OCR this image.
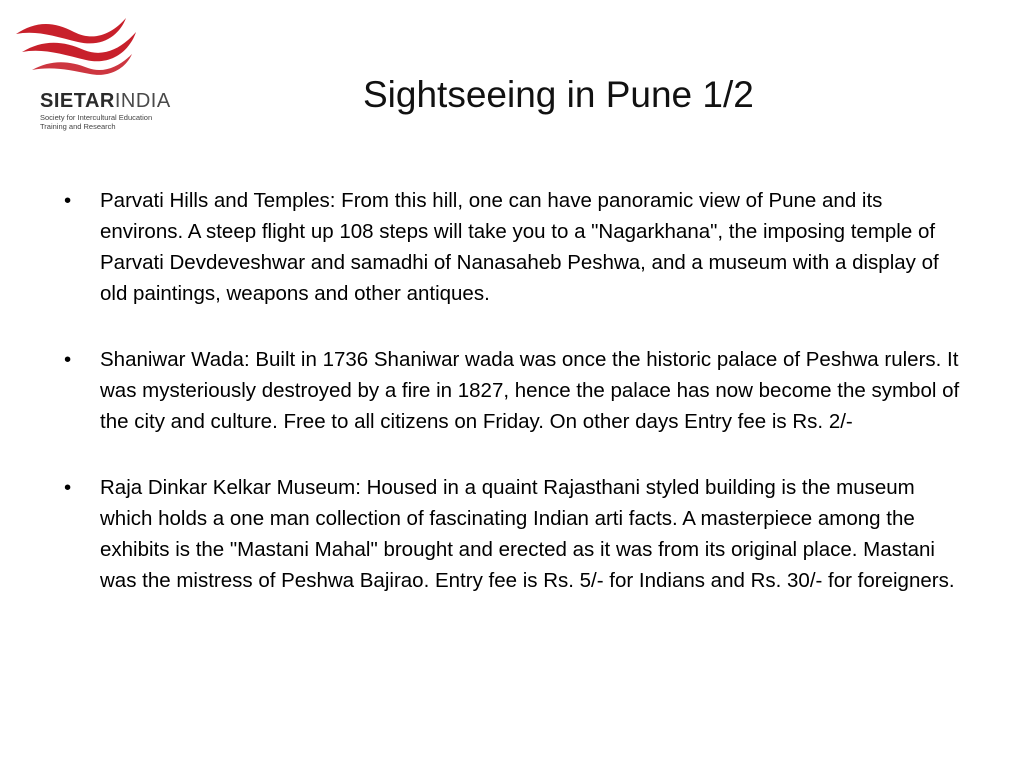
SIETARINDIA
Society for Intercultural Education
Training and Research
Sightseeing in Pune 1/2
• Parvati Hills and Temples: From this hill, one can have panoramic view of Pune and its environs. A steep flight up 108 steps will take you to a "Nagarkhana", the imposing temple of Parvati Devdeveshwar and samadhi of Nanasaheb Peshwa, and a museum with a display of old paintings, weapons and other antiques.
• Shaniwar Wada: Built in 1736 Shaniwar wada was once the historic palace of Peshwa rulers. It was mysteriously destroyed by a fire in 1827, hence the palace has now become the symbol of the city and culture. Free to all citizens on Friday. On other days Entry fee is Rs. 2/-
• Raja Dinkar Kelkar Museum: Housed in a quaint Rajasthani styled building is the museum which holds a one man collection of fascinating Indian arti facts. A masterpiece among the exhibits is the "Mastani Mahal" brought and erected as it was from its original place. Mastani was the mistress of Peshwa Bajirao. Entry fee is Rs. 5/- for Indians and Rs. 30/- for foreigners.
